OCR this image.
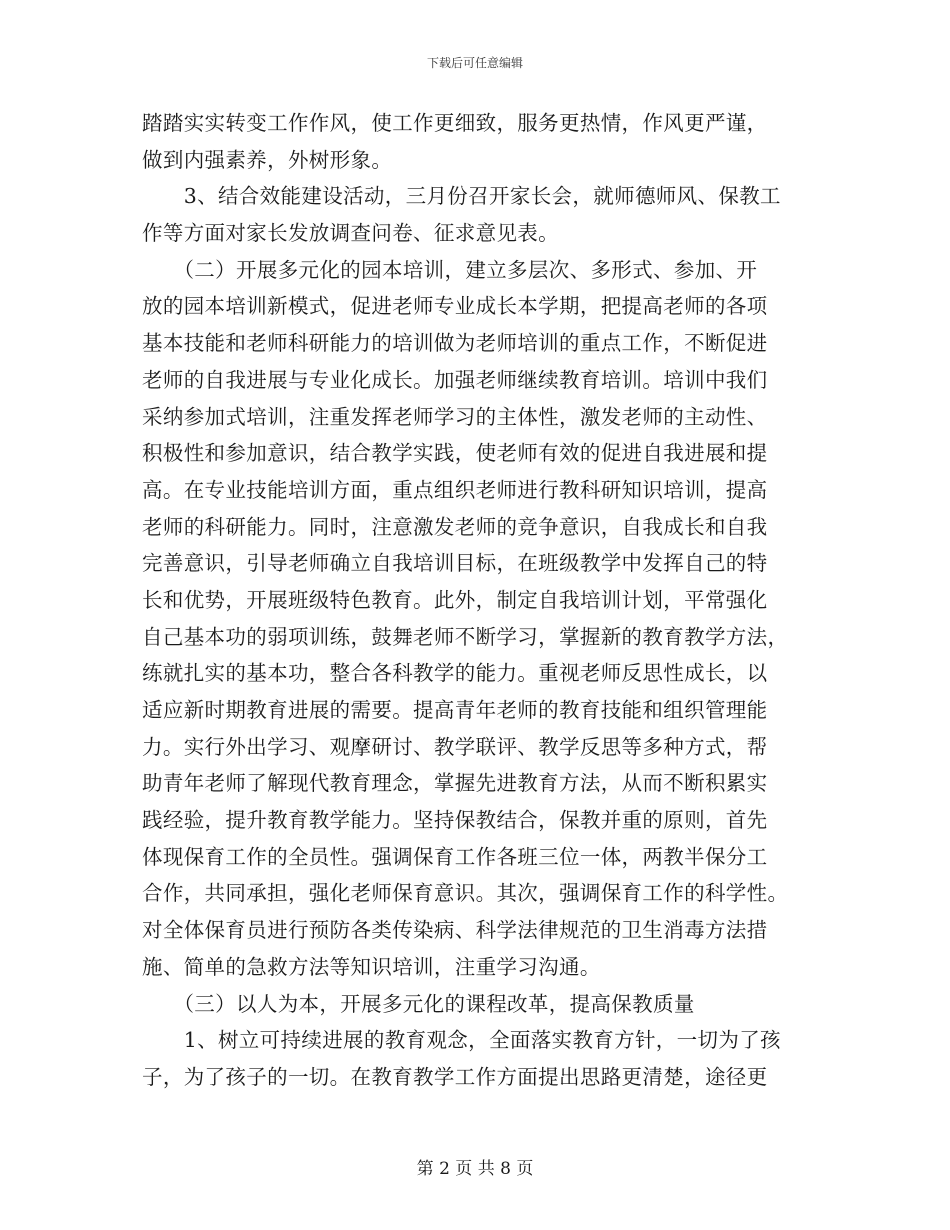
下载后可任意编辑
踏踏实实转变工作作风，使工作更细致，服务更热情，作风更严谨，
做到内强素养，外树形象。
　　3、结合效能建设活动，三月份召开家长会，就师德师风、保教工
作等方面对家长发放调查问卷、征求意见表。
　　（二）开展多元化的园本培训，建立多层次、多形式、参加、开
放的园本培训新模式，促进老师专业成长本学期，把提高老师的各项
基本技能和老师科研能力的培训做为老师培训的重点工作，不断促进
老师的自我进展与专业化成长。加强老师继续教育培训。培训中我们
采纳参加式培训，注重发挥老师学习的主体性，激发老师的主动性、
积极性和参加意识，结合教学实践，使老师有效的促进自我进展和提
高。在专业技能培训方面，重点组织老师进行教科研知识培训，提高
老师的科研能力。同时，注意激发老师的竞争意识，自我成长和自我
完善意识，引导老师确立自我培训目标，在班级教学中发挥自己的特
长和优势，开展班级特色教育。此外，制定自我培训计划，平常强化
自己基本功的弱项训练，鼓舞老师不断学习，掌握新的教育教学方法，
练就扎实的基本功，整合各科教学的能力。重视老师反思性成长，以
适应新时期教育进展的需要。提高青年老师的教育技能和组织管理能
力。实行外出学习、观摩研讨、教学联评、教学反思等多种方式，帮
助青年老师了解现代教育理念，掌握先进教育方法，从而不断积累实
践经验，提升教育教学能力。坚持保教结合，保教并重的原则，首先
体现保育工作的全员性。强调保育工作各班三位一体，两教半保分工
合作，共同承担，强化老师保育意识。其次，强调保育工作的科学性。
对全体保育员进行预防各类传染病、科学法律规范的卫生消毒方法措
施、简单的急救方法等知识培训，注重学习沟通。
　　（三）以人为本，开展多元化的课程改革，提高保教质量
　　1、树立可持续进展的教育观念，全面落实教育方针，一切为了孩
子，为了孩子的一切。在教育教学工作方面提出思路更清楚，途径更
第 2 页 共 8 页
